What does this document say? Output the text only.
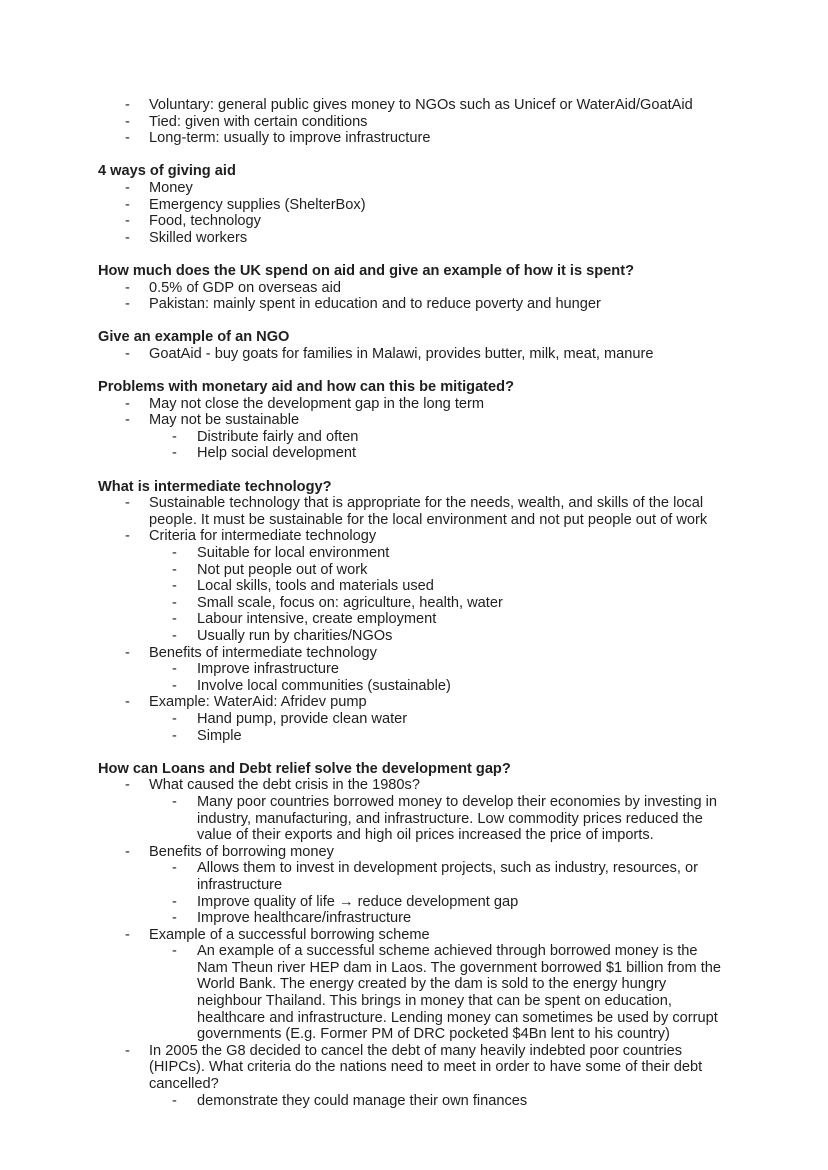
- Voluntary: general public gives money to NGOs such as Unicef or WaterAid/GoatAid
- Tied: given with certain conditions
- Long-term: usually to improve infrastructure
4 ways of giving aid
- Money
- Emergency supplies (ShelterBox)
- Food, technology
- Skilled workers
How much does the UK spend on aid and give an example of how it is spent?
- 0.5% of GDP on overseas aid
- Pakistan: mainly spent in education and to reduce poverty and hunger
Give an example of an NGO
- GoatAid - buy goats for families in Malawi, provides butter, milk, meat, manure
Problems with monetary aid and how can this be mitigated?
- May not close the development gap in the long term
- May not be sustainable
- Distribute fairly and often
- Help social development
What is intermediate technology?
- Sustainable technology that is appropriate for the needs, wealth, and skills of the local people. It must be sustainable for the local environment and not put people out of work
- Criteria for intermediate technology
- Suitable for local environment
- Not put people out of work
- Local skills, tools and materials used
- Small scale, focus on: agriculture, health, water
- Labour intensive, create employment
- Usually run by charities/NGOs
- Benefits of intermediate technology
- Improve infrastructure
- Involve local communities (sustainable)
- Example: WaterAid: Afridev pump
- Hand pump, provide clean water
- Simple
How can Loans and Debt relief solve the development gap?
- What caused the debt crisis in the 1980s?
- Many poor countries borrowed money to develop their economies by investing in industry, manufacturing, and infrastructure. Low commodity prices reduced the value of their exports and high oil prices increased the price of imports.
- Benefits of borrowing money
- Allows them to invest in development projects, such as industry, resources, or infrastructure
- Improve quality of life → reduce development gap
- Improve healthcare/infrastructure
- Example of a successful borrowing scheme
- An example of a successful scheme achieved through borrowed money is the Nam Theun river HEP dam in Laos. The government borrowed $1 billion from the World Bank. The energy created by the dam is sold to the energy hungry neighbour Thailand. This brings in money that can be spent on education, healthcare and infrastructure. Lending money can sometimes be used by corrupt governments (E.g. Former PM of DRC pocketed $4Bn lent to his country)
- In 2005 the G8 decided to cancel the debt of many heavily indebted poor countries (HIPCs). What criteria do the nations need to meet in order to have some of their debt cancelled?
- demonstrate they could manage their own finances
